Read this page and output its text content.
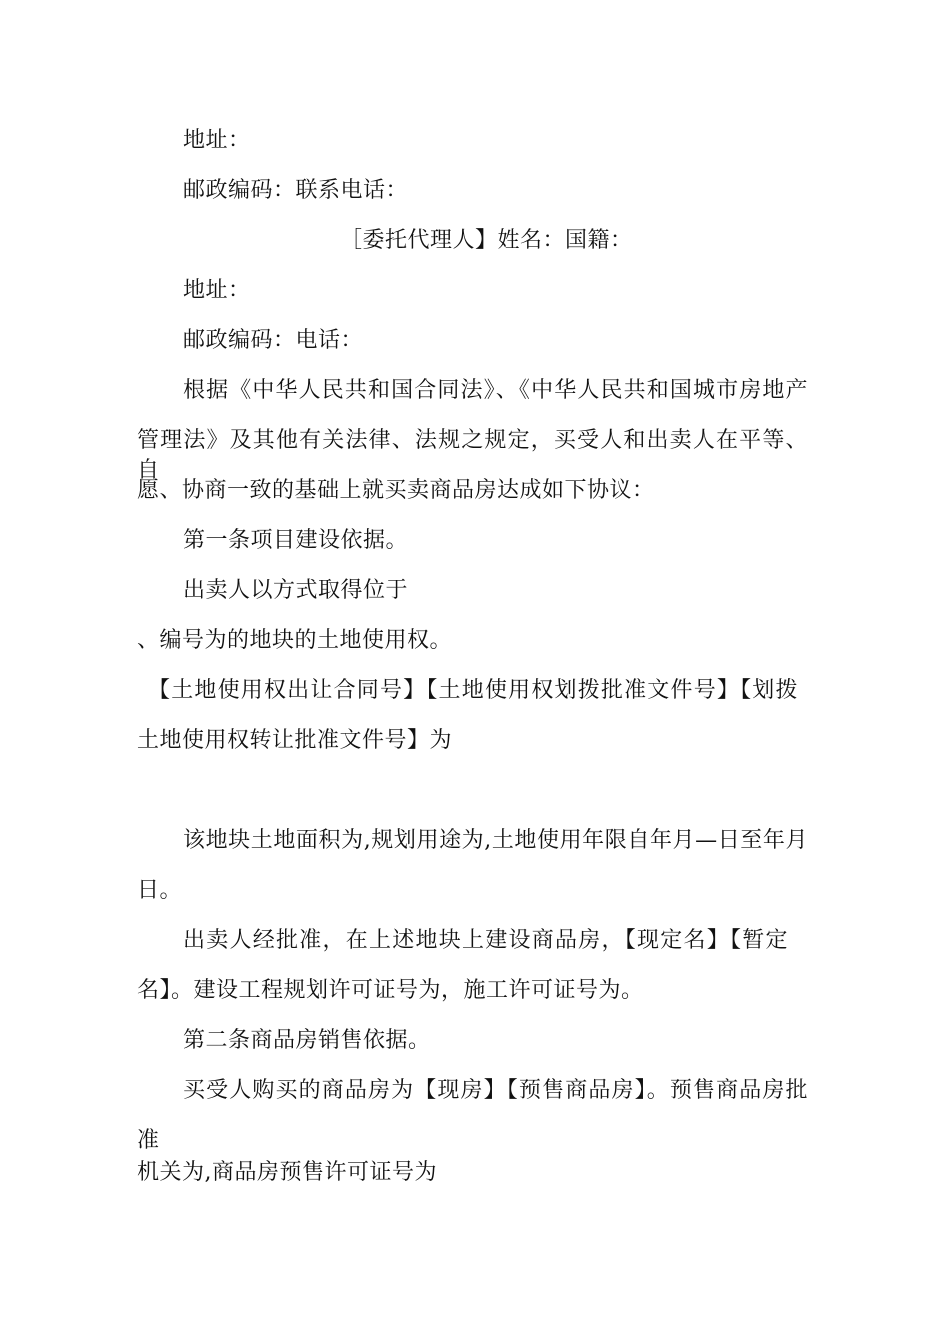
地址：
邮政编码：联系电话：
［委托代理人】姓名：国籍：
地址：
邮政编码：电话：
根据《中华人民共和国合同法》、《中华人民共和国城市房地产
管理法》及其他有关法律、法规之规定，买受人和出卖人在平等、自
愿、协商一致的基础上就买卖商品房达成如下协议：
第一条项目建设依据。
出卖人以方式取得位于
、编号为的地块的土地使用权。
【土地使用权出让合同号】【土地使用权划拨批准文件号】【划拨
土地使用权转让批准文件号】为
该地块土地面积为,规划用途为,土地使用年限自年月—日至年月
日。
出卖人经批准，在上述地块上建设商品房，【现定名】【暂定
名】。建设工程规划许可证号为，施工许可证号为。
第二条商品房销售依据。
买受人购买的商品房为【现房】【预售商品房】。预售商品房批
准
机关为,商品房预售许可证号为
